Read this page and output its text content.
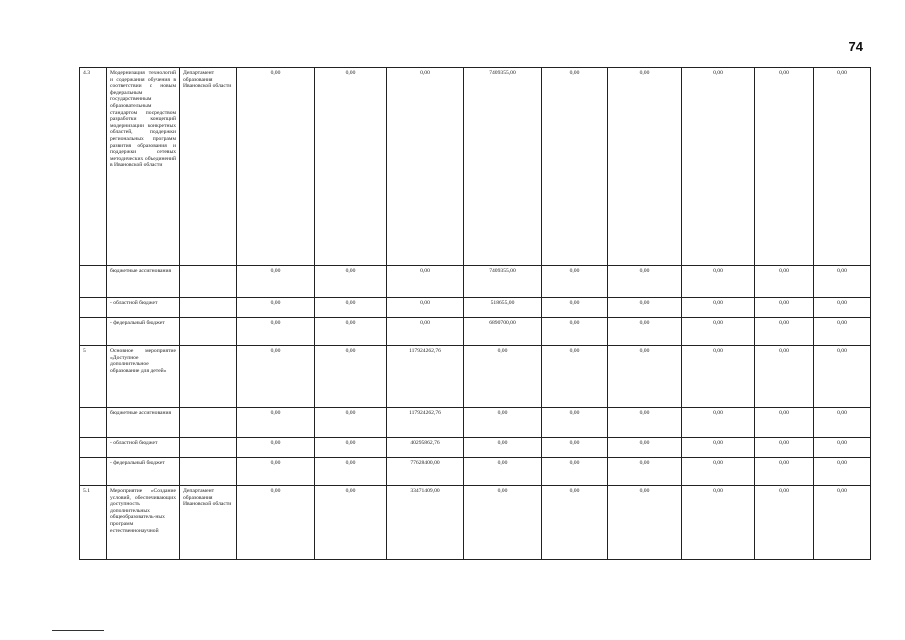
74
4.3	Модернизация технологий и содержания обучения в соответствии с новым федеральным государственным образовательным стандартом посредством разработки концепций модернизации конкретных областей, поддержки региональных программ развития образования и поддержки сетевых методических объединений в Ивановской области	Департамент образования Ивановской области	0,00	0,00	0,00	7409355,00	0,00	0,00	0,00	0,00	0,00
	бюджетные ассигнования		0,00	0,00	0,00	7409355,00	0,00	0,00	0,00	0,00	0,00
	- областной бюджет		0,00	0,00	0,00	518655,00	0,00	0,00	0,00	0,00	0,00
	- федеральный бюджет		0,00	0,00	0,00	6890700,00	0,00	0,00	0,00	0,00	0,00
5	Основное мероприятие «Доступное дополнительное образование для детей»		0,00	0,00	117924262,76	0,00	0,00	0,00	0,00	0,00	0,00
	бюджетные ассигнования		0,00	0,00	117924262,76	0,00	0,00	0,00	0,00	0,00	0,00
	- областной бюджет		0,00	0,00	40295862,76	0,00	0,00	0,00	0,00	0,00	0,00
	- федеральный бюджет		0,00	0,00	77628400,00	0,00	0,00	0,00	0,00	0,00	0,00
5.1	Мероприятие «Создание условий, обеспечивающих доступность дополнительных общеобразователь-ных программ естественнонаучной	Департамент образования Ивановской области	0,00	0,00	33471409,00	0,00	0,00	0,00	0,00	0,00	0,00
